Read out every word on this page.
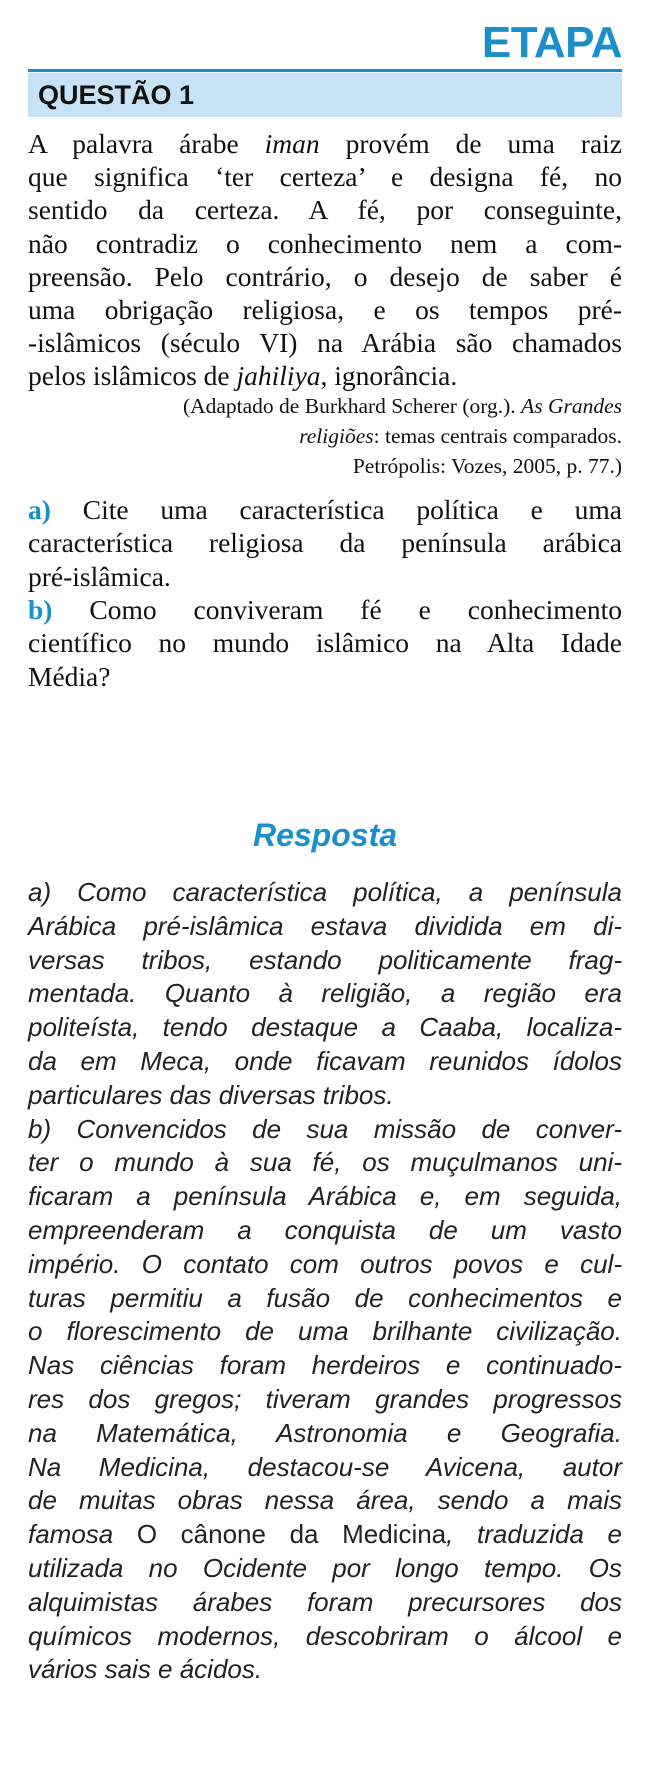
ETAPA
QUESTÃO 1
A palavra árabe iman provém de uma raiz
que significa ‘ter certeza’ e designa fé, no
sentido da certeza. A fé, por conseguinte,
não contradiz o conhecimento nem a com-
preensão. Pelo contrário, o desejo de saber é
uma obrigação religiosa, e os tempos pré-
-islâmicos (século VI) na Arábia são chamados
pelos islâmicos de jahiliya, ignorância.
(Adaptado de Burkhard Scherer (org.). As Grandes
religiões: temas centrais comparados.
Petrópolis: Vozes, 2005, p. 77.)
a) Cite uma característica política e uma
característica religiosa da península arábica
pré-islâmica.
b) Como conviveram fé e conhecimento
científico no mundo islâmico na Alta Idade
Média?
Resposta
a) Como característica política, a península
Arábica pré-islâmica estava dividida em di-
versas tribos, estando politicamente frag-
mentada. Quanto à religião, a região era
politeísta, tendo destaque a Caaba, localiza-
da em Meca, onde ficavam reunidos ídolos
particulares das diversas tribos.
b) Convencidos de sua missão de conver-
ter o mundo à sua fé, os muçulmanos uni-
ficaram a península Arábica e, em seguida,
empreenderam a conquista de um vasto
império. O contato com outros povos e cul-
turas permitiu a fusão de conhecimentos e
o florescimento de uma brilhante civilização.
Nas ciências foram herdeiros e continuado-
res dos gregos; tiveram grandes progressos
na Matemática, Astronomia e Geografia.
Na Medicina, destacou-se Avicena, autor
de muitas obras nessa área, sendo a mais
famosa O cânone da Medicina, traduzida e
utilizada no Ocidente por longo tempo. Os
alquimistas árabes foram precursores dos
químicos modernos, descobriram o álcool e
vários sais e ácidos.
